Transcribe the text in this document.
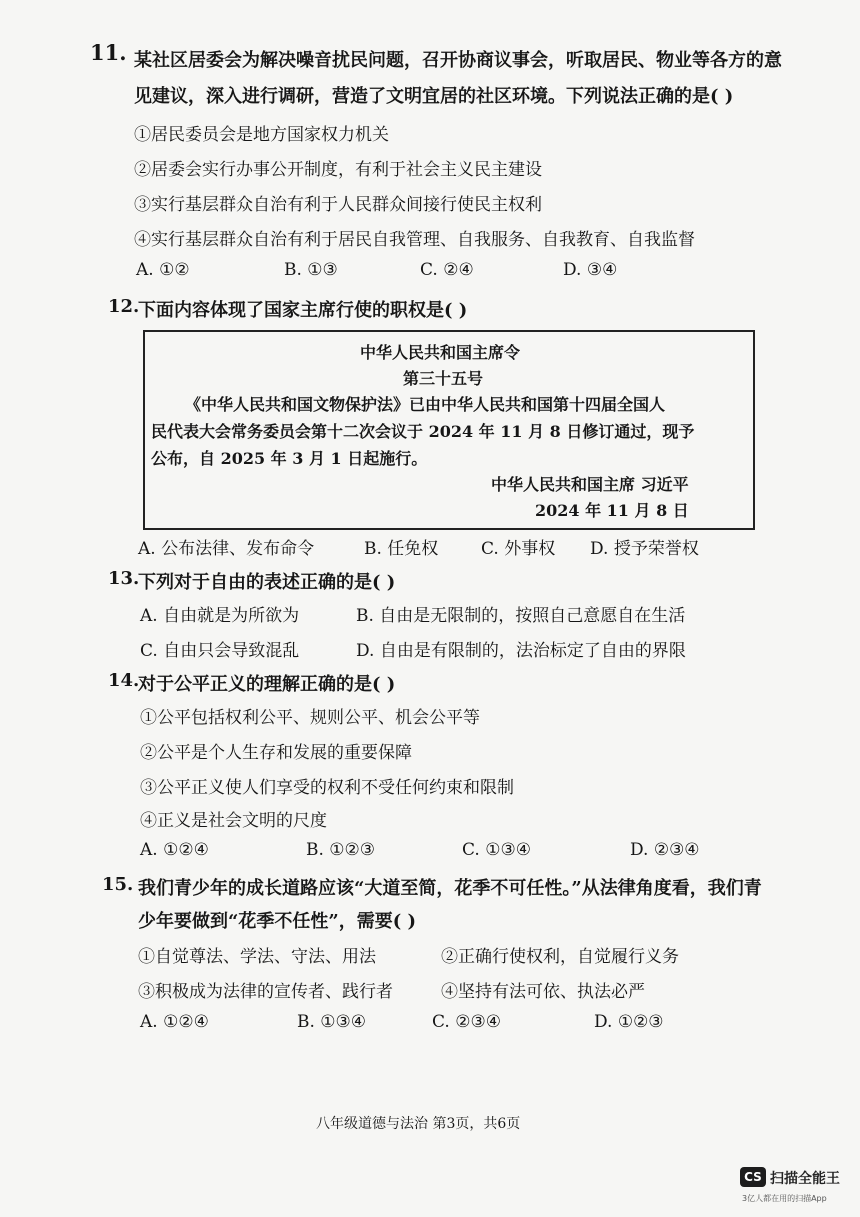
11. 某社区居委会为解决噪音扰民问题，召开协商议事会，听取居民、物业等各方的意
见建议，深入进行调研，营造了文明宜居的社区环境。下列说法正确的是( )
①居民委员会是地方国家权力机关
②居委会实行办事公开制度，有利于社会主义民主建设
③实行基层群众自治有利于人民群众间接行使民主权利
④实行基层群众自治有利于居民自我管理、自我服务、自我教育、自我监督
A. ①②	B. ①③	C. ②④	D. ③④
12.
下面内容体现了国家主席行使的职权是( )
中华人民共和国主席令
第三十五号
《中华人民共和国文物保护法》已由中华人民共和国第十四届全国人
民代表大会常务委员会第十二次会议于 2024 年 11 月 8 日修订通过，现予
公布，自 2025 年 3 月 1 日起施行。
中华人民共和国主席 习近平
2024 年 11 月 8 日
A. 公布法律、发布命令	B. 任免权	C. 外事权 D. 授予荣誉权
13.
下列对于自由的表述正确的是( )
A. 自由就是为所欲为	B. 自由是无限制的，按照自己意愿自在生活
C. 自由只会导致混乱	D. 自由是有限制的，法治标定了自由的界限
14.
对于公平正义的理解正确的是( )
①公平包括权利公平、规则公平、机会公平等
②公平是个人生存和发展的重要保障
③公平正义使人们享受的权利不受任何约束和限制
④正义是社会文明的尺度
A. ①②④	B. ①②③	C. ①③④	D. ②③④
15. 我们青少年的成长道路应该“大道至简，花季不可任性。”从法律角度看，我们青
少年要做到“花季不任性”，需要( )
①自觉尊法、学法、守法、用法	②正确行使权利，自觉履行义务
③积极成为法律的宣传者、践行者	④坚持有法可依、执法必严
A. ①②④	B. ①③④	C. ②③④	D. ①②③
八年级道德与法治 第3页，共6页
CS 扫描全能王
3亿人都在用的扫描App
